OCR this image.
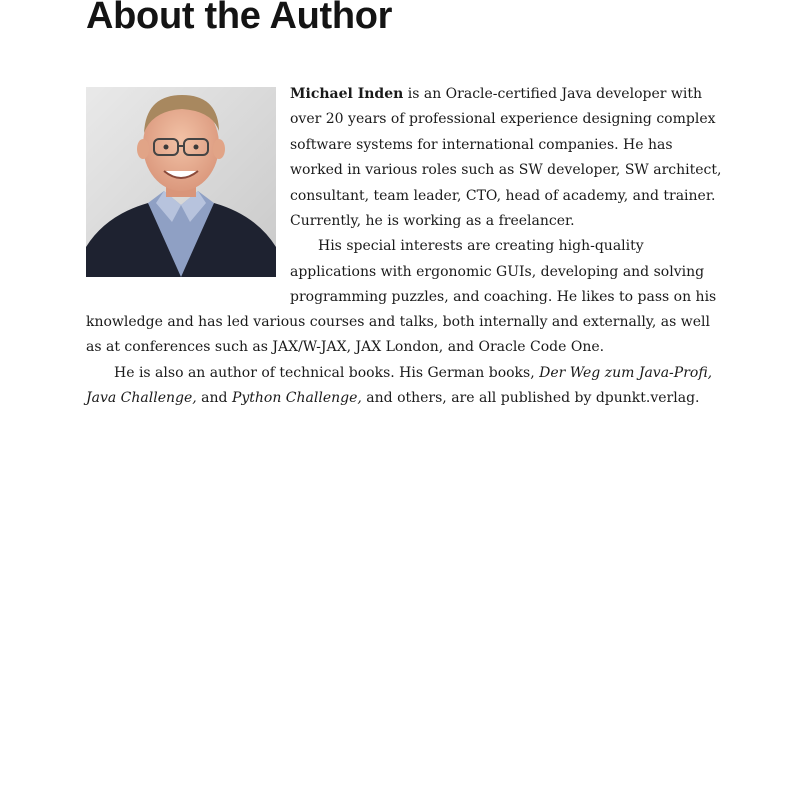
About the Author

Michael Inden is an Oracle-certified Java developer with
over 20 years of professional experience designing complex
software systems for international companies. He has
worked in various roles such as SW developer, SW architect,
consultant, team leader, CTO, head of academy, and trainer.
Currently, he is working as a freelancer.
His special interests are creating high-quality
applications with ergonomic GUIs, developing and solving
programming puzzles, and coaching. He likes to pass on his

knowledge and has led various courses and talks, both internally and externally, as well
as at conferences such as JAX/W-JAX, JAX London, and Oracle Code One.

He is also an author of technical books. His German books, Der Weg zum Java-Profi,
Java Challenge, and Python Challenge, and others, are all published by dpunkt.verlag.
